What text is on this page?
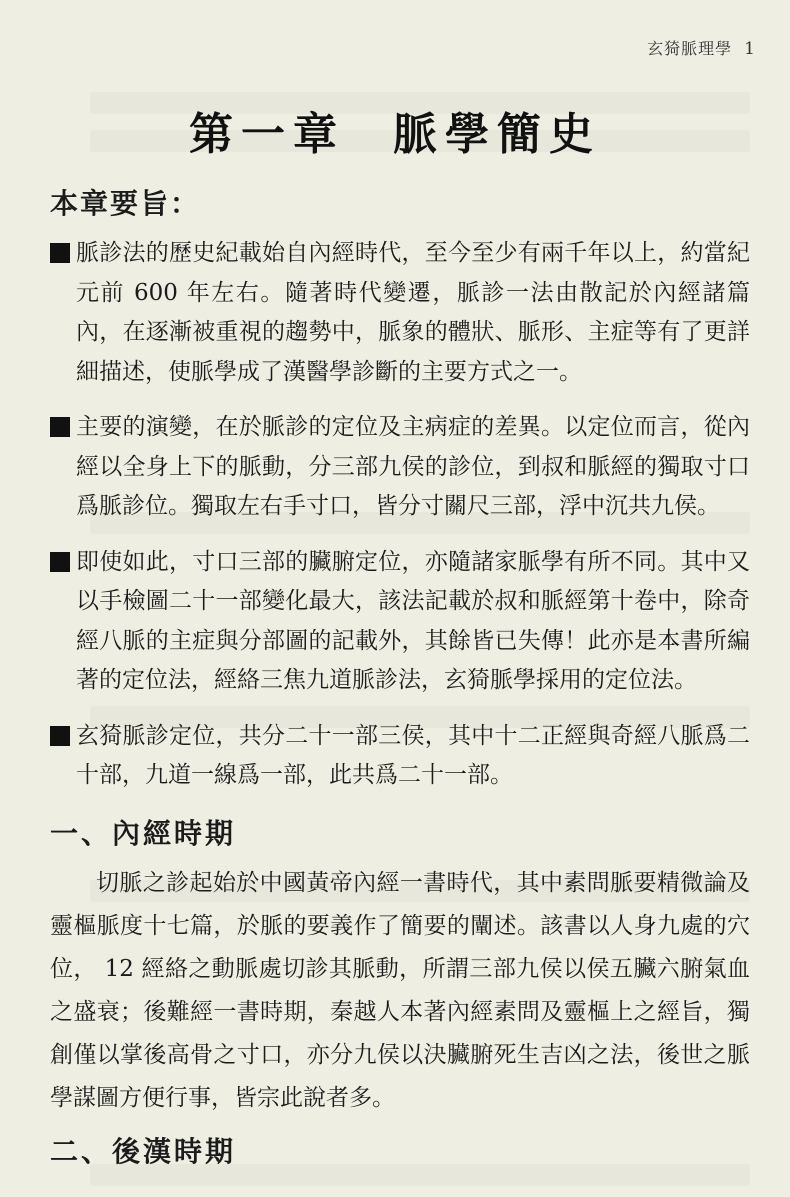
玄猗脈理學 1
第一章 脈學簡史
本章要旨：
脈診法的歷史紀載始自內經時代，至今至少有兩千年以上，約當紀元前 600 年左右。隨著時代變遷，脈診一法由散記於內經諸篇內，在逐漸被重視的趨勢中，脈象的體狀、脈形、主症等有了更詳細描述，使脈學成了漢醫學診斷的主要方式之一。
主要的演變，在於脈診的定位及主病症的差異。以定位而言，從內經以全身上下的脈動，分三部九侯的診位，到叔和脈經的獨取寸口爲脈診位。獨取左右手寸口，皆分寸關尺三部，浮中沉共九侯。
即使如此，寸口三部的臟腑定位，亦隨諸家脈學有所不同。其中又以手檢圖二十一部變化最大，該法記載於叔和脈經第十卷中，除奇經八脈的主症與分部圖的記載外，其餘皆已失傳！此亦是本書所編著的定位法，經絡三焦九道脈診法，玄猗脈學採用的定位法。
玄猗脈診定位，共分二十一部三侯，其中十二正經與奇經八脈爲二十部，九道一線爲一部，此共爲二十一部。
一、內經時期
切脈之診起始於中國黃帝內經一書時代，其中素問脈要精微論及靈樞脈度十七篇，於脈的要義作了簡要的闡述。該書以人身九處的穴位， 12 經絡之動脈處切診其脈動，所謂三部九侯以侯五臟六腑氣血之盛衰；後難經一書時期，秦越人本著內經素問及靈樞上之經旨，獨創僅以掌後高骨之寸口，亦分九侯以決臟腑死生吉凶之法，後世之脈學謀圖方便行事，皆宗此說者多。
二、後漢時期
